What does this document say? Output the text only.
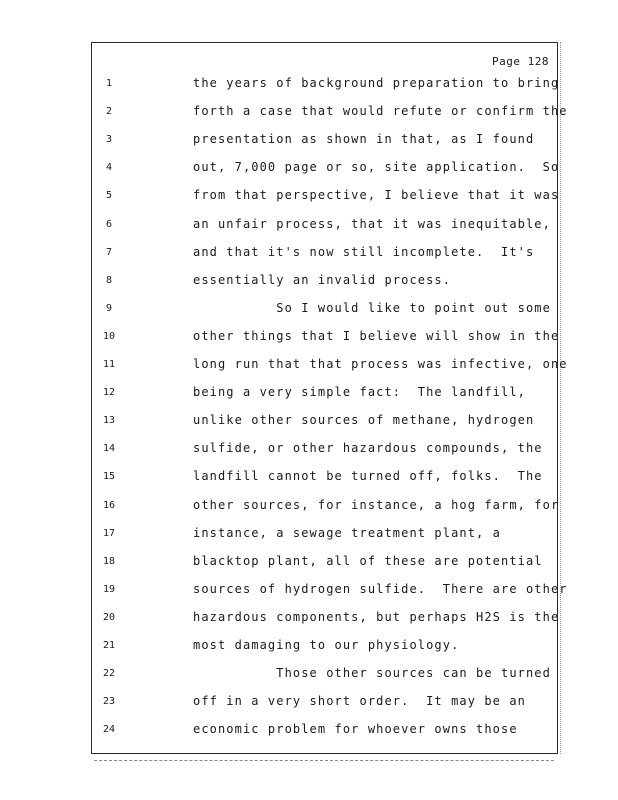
Page 128
1	the years of background preparation to bring
2	forth a case that would refute or confirm the
3	presentation as shown in that, as I found
4	out, 7,000 page or so, site application.  So
5	from that perspective, I believe that it was
6	an unfair process, that it was inequitable,
7	and that it's now still incomplete.  It's
8	essentially an invalid process.
9	So I would like to point out some
10	other things that I believe will show in the
11	long run that that process was infective, one
12	being a very simple fact:  The landfill,
13	unlike other sources of methane, hydrogen
14	sulfide, or other hazardous compounds, the
15	landfill cannot be turned off, folks.  The
16	other sources, for instance, a hog farm, for
17	instance, a sewage treatment plant, a
18	blacktop plant, all of these are potential
19	sources of hydrogen sulfide.  There are other
20	hazardous components, but perhaps H2S is the
21	most damaging to our physiology.
22	Those other sources can be turned
23	off in a very short order.  It may be an
24	economic problem for whoever owns those
